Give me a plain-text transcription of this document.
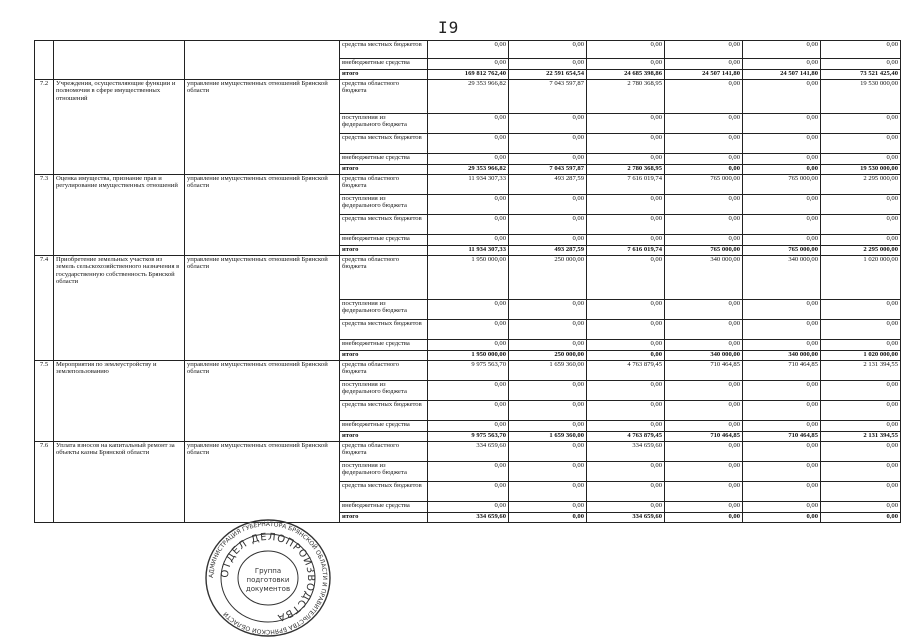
I9
			средства местных бюджетов	0,00	0,00	0,00	0,00	0,00	0,00
			внебюджетные средства	0,00	0,00	0,00	0,00	0,00	0,00
			итого	169 812 762,40	22 591 654,54	24 685 398,86	24 507 141,80	24 507 141,80	73 521 425,40
7.2	Учреждения, осуществляющие функции и полномочия в сфере имущественных отношений	управление имущественных отношений Брянской области	средства областного бюджета	29 353 966,82	7 043 597,87	2 780 368,95	0,00	0,00	19 530 000,00
			поступления из федерального бюджета	0,00	0,00	0,00	0,00	0,00	0,00
			средства местных бюджетов	0,00	0,00	0,00	0,00	0,00	0,00
			внебюджетные средства	0,00	0,00	0,00	0,00	0,00	0,00
			итого	29 353 966,82	7 043 597,87	2 780 368,95	0,00	0,00	19 530 000,00
7.3	Оценка имущества, признание прав и регулирование имущественных отношений	управление имущественных отношений Брянской области	средства областного бюджета	11 934 307,33	493 287,59	7 616 019,74	765 000,00	765 000,00	2 295 000,00
			поступления из федерального бюджета	0,00	0,00	0,00	0,00	0,00	0,00
			средства местных бюджетов	0,00	0,00	0,00	0,00	0,00	0,00
			внебюджетные средства	0,00	0,00	0,00	0,00	0,00	0,00
			итого	11 934 307,33	493 287,59	7 616 019,74	765 000,00	765 000,00	2 295 000,00
7.4	Приобретение земельных участков из земель сельскохозяйственного назначения в государственную собственность Брянской области	управление имущественных отношений Брянской области	средства областного бюджета	1 950 000,00	250 000,00	0,00	340 000,00	340 000,00	1 020 000,00
			поступления из федерального бюджета	0,00	0,00	0,00	0,00	0,00	0,00
			средства местных бюджетов	0,00	0,00	0,00	0,00	0,00	0,00
			внебюджетные средства	0,00	0,00	0,00	0,00	0,00	0,00
			итого	1 950 000,00	250 000,00	0,00	340 000,00	340 000,00	1 020 000,00
7.5	Мероприятия по землеустройству и землепользованию	управление имущественных отношений Брянской области	средства областного бюджета	9 975 563,70	1 659 360,00	4 763 879,45	710 464,85	710 464,85	2 131 394,55
			поступления из федерального бюджета	0,00	0,00	0,00	0,00	0,00	0,00
			средства местных бюджетов	0,00	0,00	0,00	0,00	0,00	0,00
			внебюджетные средства	0,00	0,00	0,00	0,00	0,00	0,00
			итого	9 975 563,70	1 659 360,00	4 763 879,45	710 464,85	710 464,85	2 131 394,55
7.6	Уплата взносов на капитальный ремонт за объекты казны Брянской области	управление имущественных отношений Брянской области	средства областного бюджета	334 659,60	0,00	334 659,60	0,00	0,00	0,00
			поступления из федерального бюджета	0,00	0,00	0,00	0,00	0,00	0,00
			средства местных бюджетов	0,00	0,00	0,00	0,00	0,00	0,00
			внебюджетные средства	0,00	0,00	0,00	0,00	0,00	0,00
			итого	334 659,60	0,00	334 659,60	0,00	0,00	0,00
АДМИНИСТРАЦИЯ ГУБЕРНАТОРА БРЯНСКОЙ ОБЛАСТИ И ПРАВИТЕЛЬСТВА БРЯНСКОЙ ОБЛАСТИ
ОТДЕЛ ДЕЛОПРОИЗВОДСТВА
Группа
подготовки
документов
